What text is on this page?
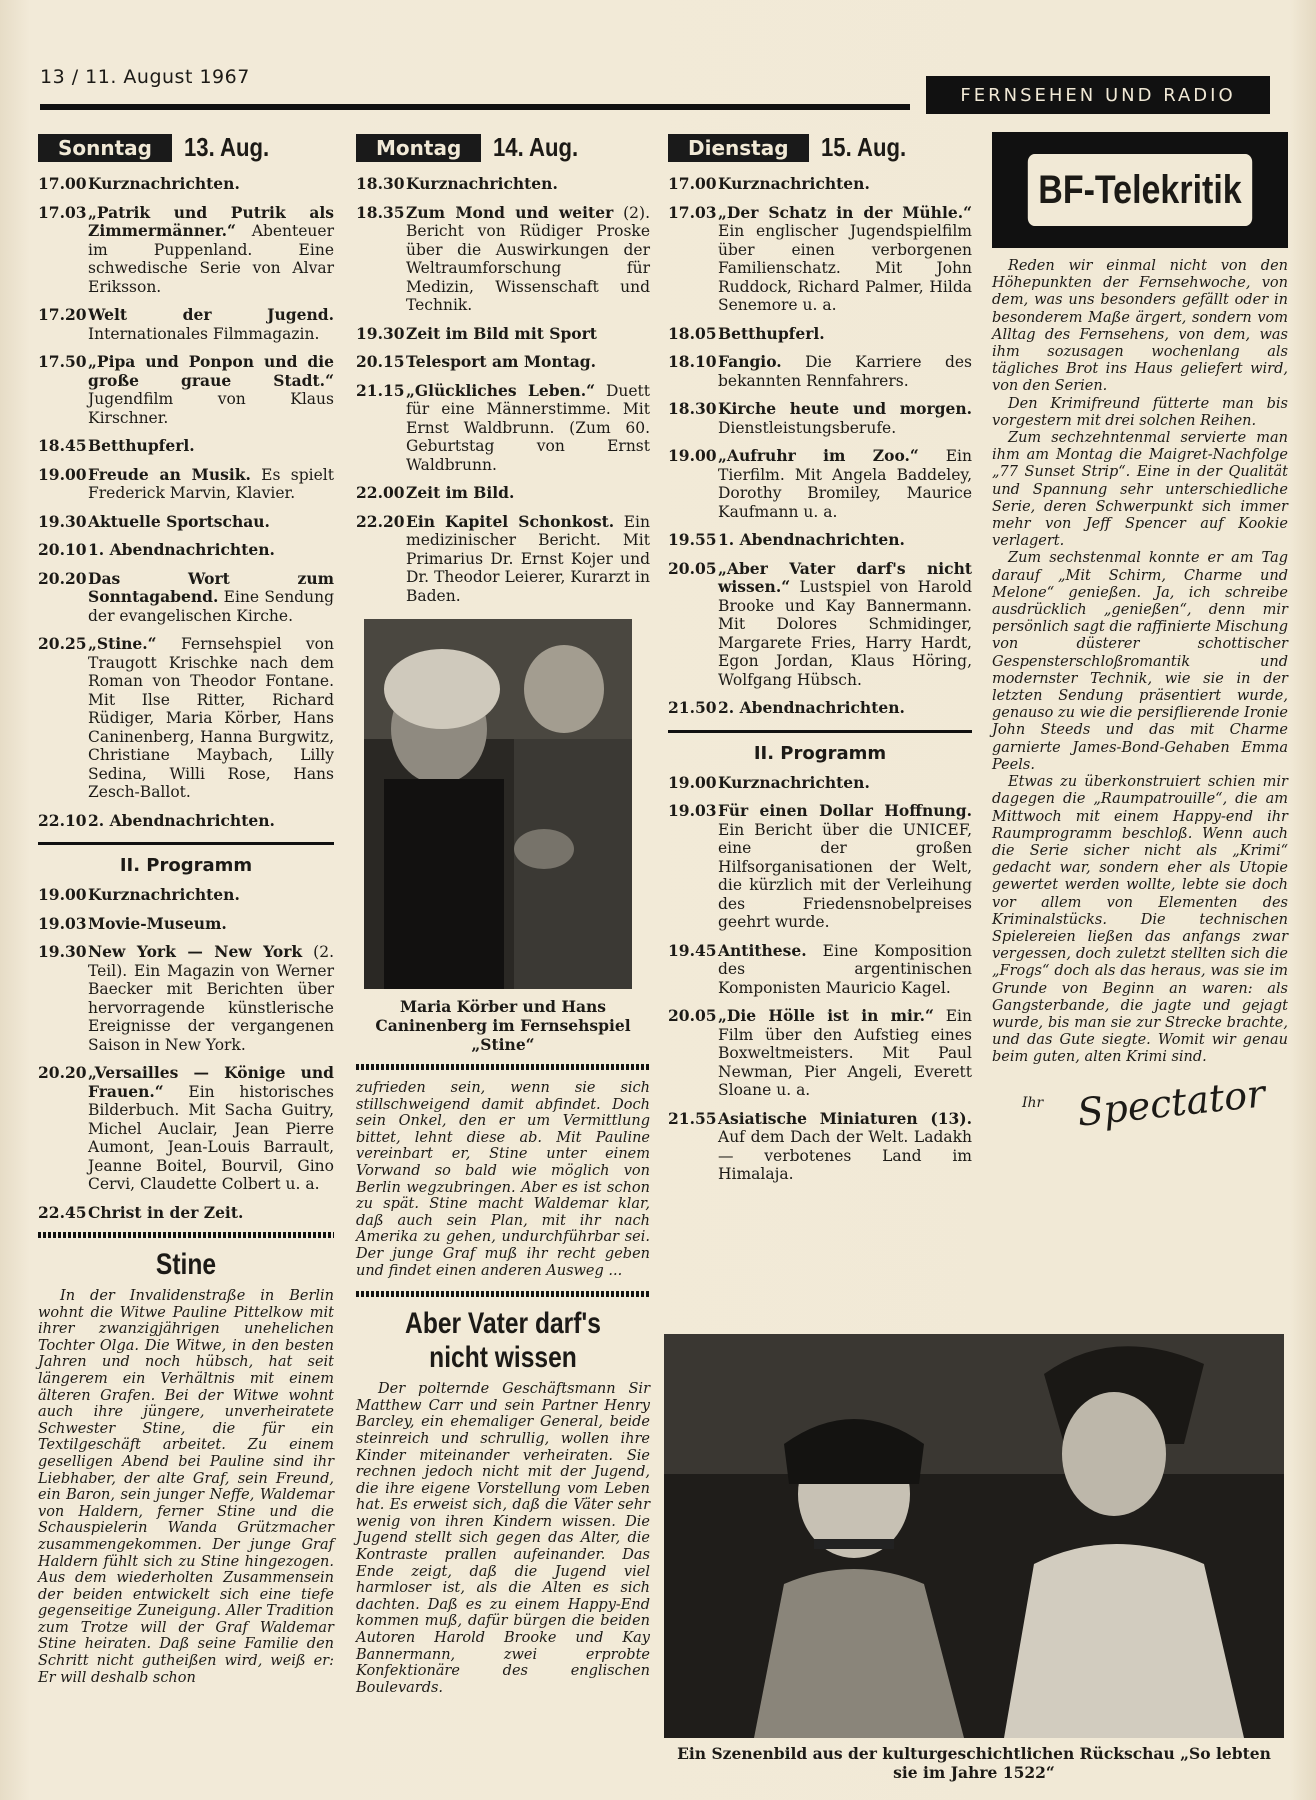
13 / 11. August 1967
FERNSEHEN UND RADIO
Sonntag	13. Aug.
17.00 Kurznachrichten.
17.03 „Patrik und Putrik als Zimmermänner.“ Abenteuer im Puppenland. Eine schwedische Serie von Alvar Eriksson.
17.20 Welt der Jugend. Internationales Filmmagazin.
17.50 „Pipa und Ponpon und die große graue Stadt.“ Jugendfilm von Klaus Kirschner.
18.45 Betthupferl.
19.00 Freude an Musik. Es spielt Frederick Marvin, Klavier.
19.30 Aktuelle Sportschau.
20.10 1. Abendnachrichten.
20.20 Das Wort zum Sonntagabend. Eine Sendung der evangelischen Kirche.
20.25 „Stine.“ Fernsehspiel von Traugott Krischke nach dem Roman von Theodor Fontane. Mit Ilse Ritter, Richard Rüdiger, Maria Körber, Hans Caninenberg, Hanna Burgwitz, Christiane Maybach, Lilly Sedina, Willi Rose, Hans Zesch-Ballot.
22.10 2. Abendnachrichten.
II. Programm
19.00 Kurznachrichten.
19.03 Movie-Museum.
19.30 New York — New York (2. Teil). Ein Magazin von Werner Baecker mit Berichten über hervorragende künstlerische Ereignisse der vergangenen Saison in New York.
20.20 „Versailles — Könige und Frauen.“ Ein historisches Bilderbuch. Mit Sacha Guitry, Michel Auclair, Jean Pierre Aumont, Jean-Louis Barrault, Jeanne Boitel, Bourvil, Gino Cervi, Claudette Colbert u. a.
22.45 Christ in der Zeit.
Stine
In der Invalidenstraße in Berlin wohnt die Witwe Pauline Pittelkow mit ihrer zwanzigjährigen unehelichen Tochter Olga. Die Witwe, in den besten Jahren und noch hübsch, hat seit längerem ein Verhältnis mit einem älteren Grafen. Bei der Witwe wohnt auch ihre jüngere, unverheiratete Schwester Stine, die für ein Textilgeschäft arbeitet. Zu einem geselligen Abend bei Pauline sind ihr Liebhaber, der alte Graf, sein Freund, ein Baron, sein junger Neffe, Waldemar von Haldern, ferner Stine und die Schauspielerin Wanda Grützmacher zusammengekommen. Der junge Graf Haldern fühlt sich zu Stine hingezogen. Aus dem wiederholten Zusammensein der beiden entwickelt sich eine tiefe gegenseitige Zuneigung. Aller Tradition zum Trotze will der Graf Waldemar Stine heiraten. Daß seine Familie den Schritt nicht gutheißen wird, weiß er: Er will deshalb schon
Montag	14. Aug.
18.30 Kurznachrichten.
18.35 Zum Mond und weiter (2). Bericht von Rüdiger Proske über die Auswirkungen der Weltraumforschung für Medizin, Wissenschaft und Technik.
19.30 Zeit im Bild mit Sport
20.15 Telesport am Montag.
21.15 „Glückliches Leben.“ Duett für eine Männerstimme. Mit Ernst Waldbrunn. (Zum 60. Geburtstag von Ernst Waldbrunn.
22.00 Zeit im Bild.
22.20 Ein Kapitel Schonkost. Ein medizinischer Bericht. Mit Primarius Dr. Ernst Kojer und Dr. Theodor Leierer, Kurarzt in Baden.
Maria Körber und Hans Caninenberg im Fernsehspiel „Stine“
zufrieden sein, wenn sie sich stillschweigend damit abfindet. Doch sein Onkel, den er um Vermittlung bittet, lehnt diese ab. Mit Pauline vereinbart er, Stine unter einem Vorwand so bald wie möglich von Berlin wegzubringen. Aber es ist schon zu spät. Stine macht Waldemar klar, daß auch sein Plan, mit ihr nach Amerika zu gehen, undurchführbar sei. Der junge Graf muß ihr recht geben und findet einen anderen Ausweg ...
Aber Vater darf's
nicht wissen
Der polternde Geschäftsmann Sir Matthew Carr und sein Partner Henry Barcley, ein ehemaliger General, beide steinreich und schrullig, wollen ihre Kinder miteinander verheiraten. Sie rechnen jedoch nicht mit der Jugend, die ihre eigene Vorstellung vom Leben hat. Es erweist sich, daß die Väter sehr wenig von ihren Kindern wissen. Die Jugend stellt sich gegen das Alter, die Kontraste prallen aufeinander. Das Ende zeigt, daß die Jugend viel harmloser ist, als die Alten es sich dachten. Daß es zu einem Happy-End kommen muß, dafür bürgen die beiden Autoren Harold Brooke und Kay Bannermann, zwei erprobte Konfektionäre des englischen Boulevards.
Dienstag	15. Aug.
17.00 Kurznachrichten.
17.03 „Der Schatz in der Mühle.“ Ein englischer Jugendspielfilm über einen verborgenen Familienschatz. Mit John Ruddock, Richard Palmer, Hilda Senemore u. a.
18.05 Betthupferl.
18.10 Fangio. Die Karriere des bekannten Rennfahrers.
18.30 Kirche heute und morgen. Dienstleistungsberufe.
19.00 „Aufruhr im Zoo.“ Ein Tierfilm. Mit Angela Baddeley, Dorothy Bromiley, Maurice Kaufmann u. a.
19.55 1. Abendnachrichten.
20.05 „Aber Vater darf's nicht wissen.“ Lustspiel von Harold Brooke und Kay Bannermann. Mit Dolores Schmidinger, Margarete Fries, Harry Hardt, Egon Jordan, Klaus Höring, Wolfgang Hübsch.
21.50 2. Abendnachrichten.
II. Programm
19.00 Kurznachrichten.
19.03 Für einen Dollar Hoffnung. Ein Bericht über die UNICEF, eine der großen Hilfsorganisationen der Welt, die kürzlich mit der Verleihung des Friedensnobelpreises geehrt wurde.
19.45 Antithese. Eine Komposition des argentinischen Komponisten Mauricio Kagel.
20.05 „Die Hölle ist in mir.“ Ein Film über den Aufstieg eines Boxweltmeisters. Mit Paul Newman, Pier Angeli, Everett Sloane u. a.
21.55 Asiatische Miniaturen (13). Auf dem Dach der Welt. Ladakh — verbotenes Land im Himalaja.
BF-Telekritik

Reden wir einmal nicht von den Höhepunkten der Fernsehwoche, von dem, was uns besonders gefällt oder in besonderem Maße ärgert, sondern vom Alltag des Fernsehens, von dem, was ihm sozusagen wochenlang als tägliches Brot ins Haus geliefert wird, von den Serien.

Den Krimifreund fütterte man bis vorgestern mit drei solchen Reihen.

Zum sechzehntenmal servierte man ihm am Montag die Maigret-Nachfolge „77 Sunset Strip“. Eine in der Qualität und Spannung sehr unterschiedliche Serie, deren Schwerpunkt sich immer mehr von Jeff Spencer auf Kookie verlagert.

Zum sechstenmal konnte er am Tag darauf „Mit Schirm, Charme und Melone“ genießen. Ja, ich schreibe ausdrücklich „genießen“, denn mir persönlich sagt die raffinierte Mischung von düsterer schottischer Gespensterschloßromantik und modernster Technik, wie sie in der letzten Sendung präsentiert wurde, genauso zu wie die persiflierende Ironie John Steeds und das mit Charme garnierte James-Bond-Gehaben Emma Peels.

Etwas zu überkonstruiert schien mir dagegen die „Raumpatrouille“, die am Mittwoch mit einem Happy-end ihr Raumprogramm beschloß. Wenn auch die Serie sicher nicht als „Krimi“ gedacht war, sondern eher als Utopie gewertet werden wollte, lebte sie doch vor allem von Elementen des Kriminalstücks. Die technischen Spielereien ließen das anfangs zwar vergessen, doch zuletzt stellten sich die „Frogs“ doch als das heraus, was sie im Grunde von Beginn an waren: als Gangsterbande, die jagte und gejagt wurde, bis man sie zur Strecke brachte, und das Gute siegte. Womit wir genau beim guten, alten Krimi sind.

Ihr Spectator
Ein Szenenbild aus der kulturgeschichtlichen Rückschau „So lebten sie im Jahre 1522“
